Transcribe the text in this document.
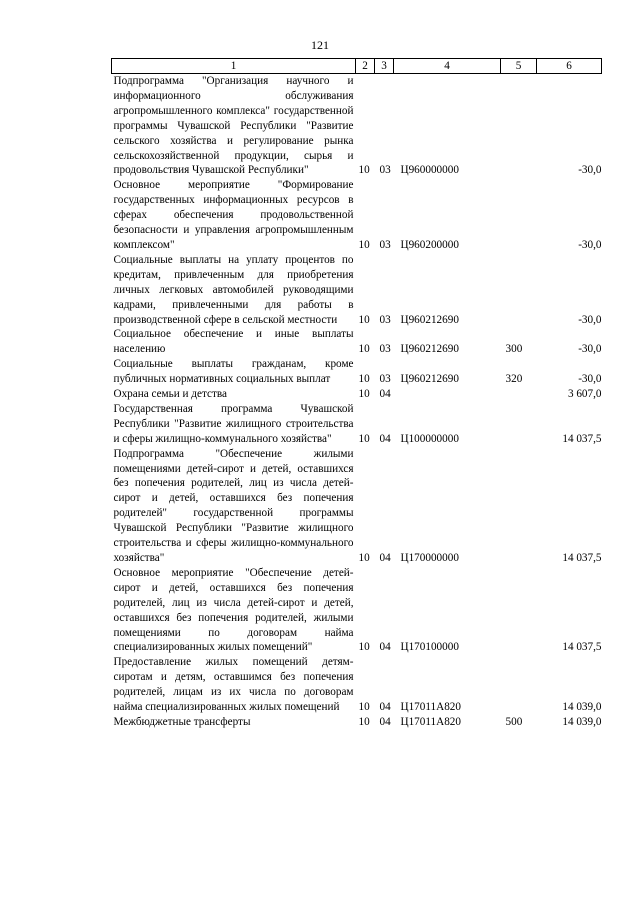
121
1	2	3	4	5	6
Подпрограмма "Организация научного и информационного обслуживания агропромышленного комплекса" государственной программы Чувашской Республики "Развитие сельского хозяйства и регулирование рынка сельскохозяйственной продукции, сырья и продовольствия Чувашской Республики"	10	03	Ц960000000		-30,0
Основное мероприятие "Формирование государственных информационных ресурсов в сферах обеспечения продовольственной безопасности и управления агропромышленным комплексом"	10	03	Ц960200000		-30,0
Социальные выплаты на уплату процентов по кредитам, привлеченным для приобретения личных легковых автомобилей руководящими кадрами, привлеченными для работы в производственной сфере в сельской местности	10	03	Ц960212690		-30,0
Социальное обеспечение и иные выплаты населению	10	03	Ц960212690	300	-30,0
Социальные выплаты гражданам, кроме публичных нормативных социальных выплат	10	03	Ц960212690	320	-30,0
Охрана семьи и детства	10	04			3 607,0
Государственная программа Чувашской Республики "Развитие жилищного строительства и сферы жилищно-коммунального хозяйства"	10	04	Ц100000000		14 037,5
Подпрограмма "Обеспечение жилыми помещениями детей-сирот и детей, оставшихся без попечения родителей, лиц из числа детей-сирот и детей, оставшихся без попечения родителей" государственной программы Чувашской Республики "Развитие жилищного строительства и сферы жилищно-коммунального хозяйства"	10	04	Ц170000000		14 037,5
Основное мероприятие "Обеспечение детей-сирот и детей, оставшихся без попечения родителей, лиц из числа детей-сирот и детей, оставшихся без попечения родителей, жилыми помещениями по договорам найма специализированных жилых помещений"	10	04	Ц170100000		14 037,5
Предоставление жилых помещений детям-сиротам и детям, оставшимся без попечения родителей, лицам из их числа по договорам найма специализированных жилых помещений	10	04	Ц17011А820		14 039,0
Межбюджетные трансферты	10	04	Ц17011А820	500	14 039,0
